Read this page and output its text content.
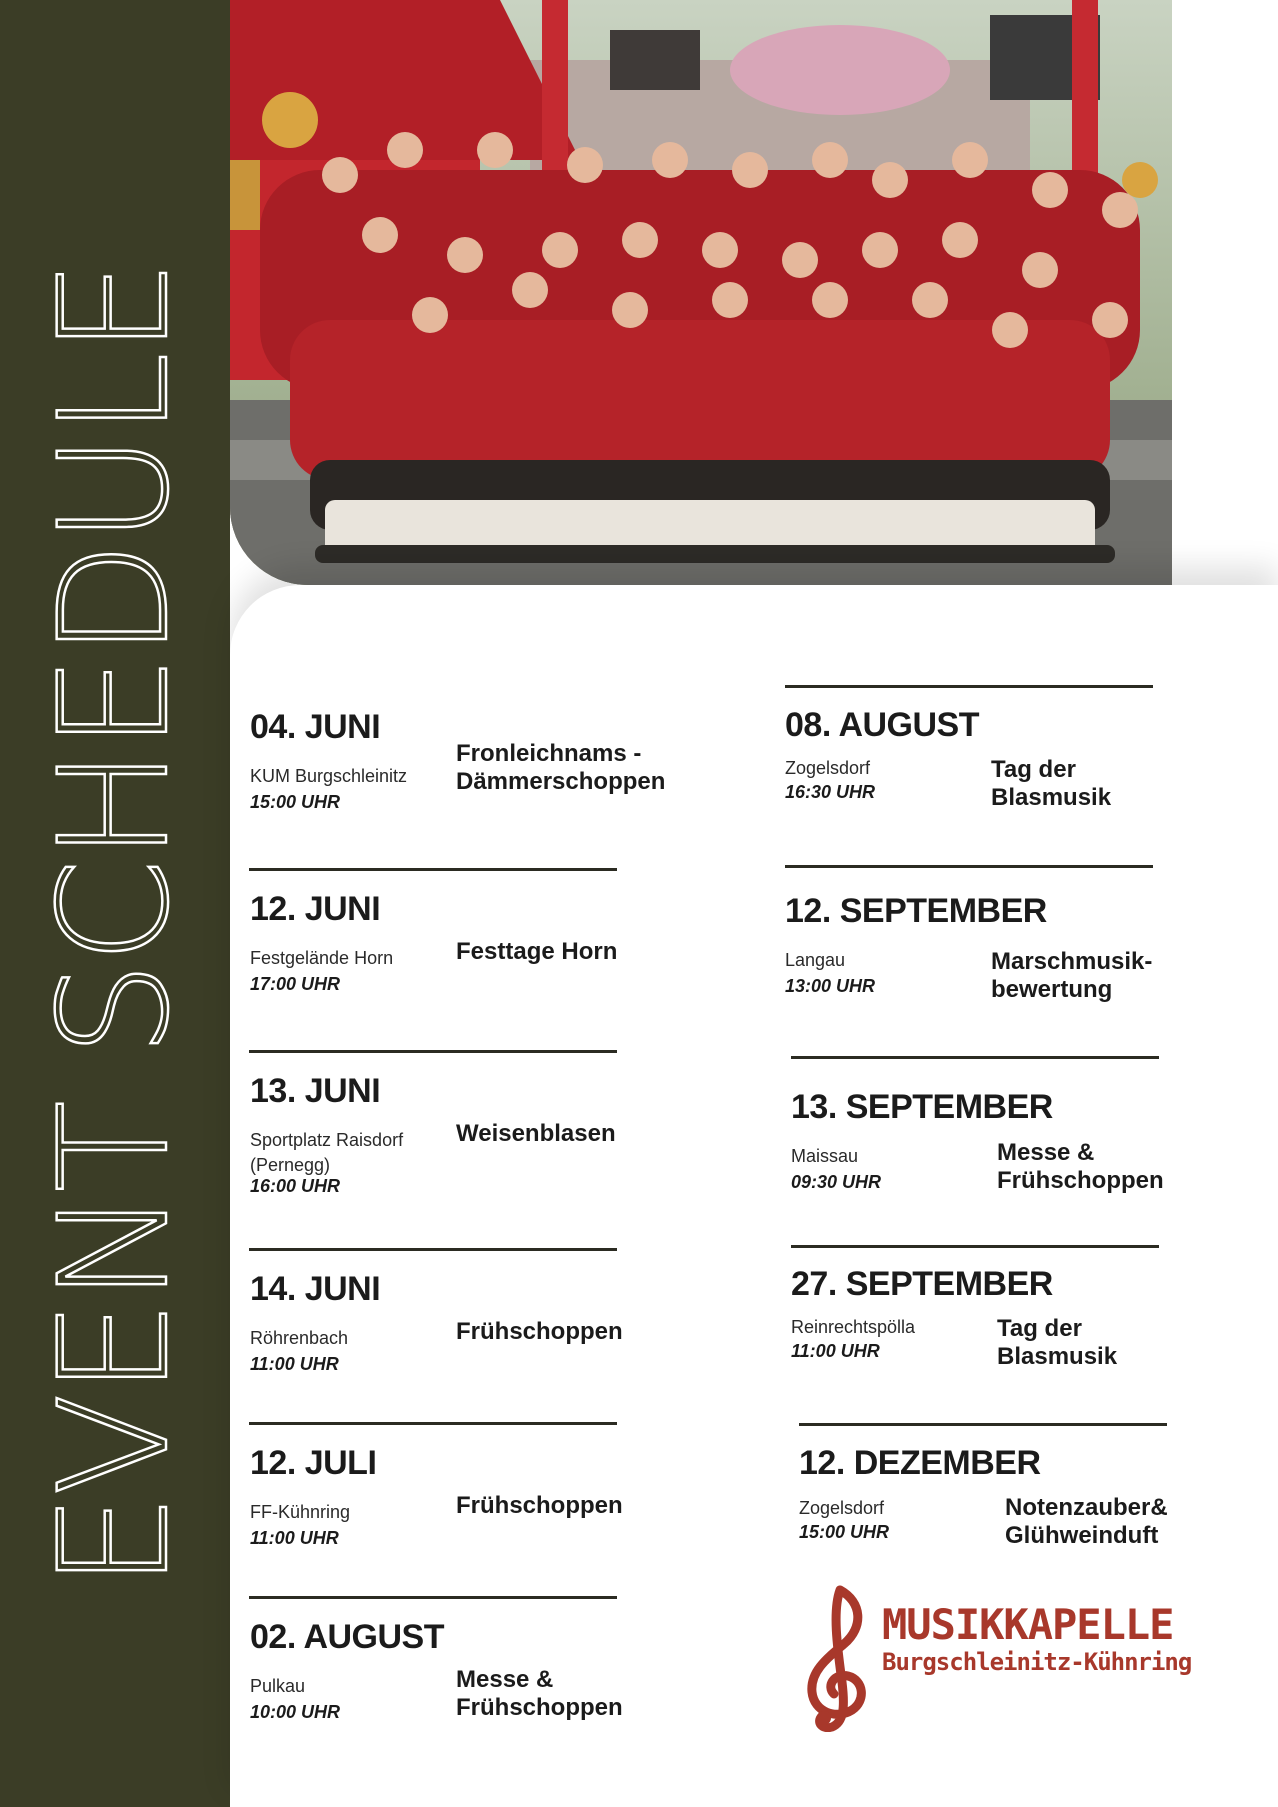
EVENT SCHEDULE 04. JUNI
KUM Burgschleinitz
15:00 UHR
Fronleichnams -
Dämmerschoppen
12. JUNI
Festgelände Horn
17:00 UHR
Festtage Horn
13. JUNI
Sportplatz Raisdorf
(Pernegg)
16:00 UHR
Weisenblasen
14. JUNI
Röhrenbach
11:00 UHR
Frühschoppen
12. JULI
FF-Kühnring
11:00 UHR
Frühschoppen
02. AUGUST
Pulkau
10:00 UHR
Messe &
Frühschoppen
08. AUGUST
Zogelsdorf
16:30 UHR
Tag der
Blasmusik
12. SEPTEMBER
Langau
13:00 UHR
Marschmusik-
bewertung
13. SEPTEMBER
Maissau
09:30 UHR
Messe &
Frühschoppen
27. SEPTEMBER
Reinrechtspölla
11:00 UHR
Tag der
Blasmusik
12. DEZEMBER
Zogelsdorf
15:00 UHR
Notenzauber&
Glühweinduft
MUSIKKAPELLE
Burgschleinitz-Kühnring
